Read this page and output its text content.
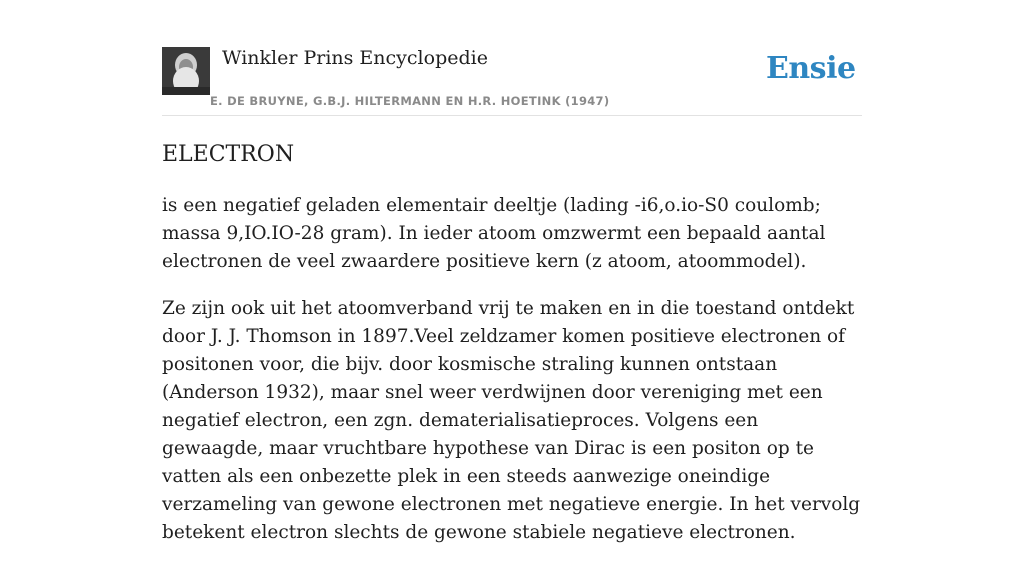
Winkler Prins Encyclopedie
E. DE BRUYNE, G.B.J. HILTERMANN EN H.R. HOETINK (1947)
Ensie
ELECTRON

is een negatief geladen elementair deeltje (lading -i6,o.io-S0 coulomb; massa 9,IO.IO-28 gram). In ieder atoom omzwermt een bepaald aantal electronen de veel zwaardere positieve kern (z atoom, atoommodel).

Ze zijn ook uit het atoomverband vrij te maken en in die toestand ontdekt door J. J. Thomson in 1897.Veel zeldzamer komen positieve electronen of positonen voor, die bijv. door kosmische straling kunnen ontstaan (Anderson 1932), maar snel weer verdwijnen door vereniging met een negatief electron, een zgn. dematerialisatieproces. Volgens een gewaagde, maar vruchtbare hypothese van Dirac is een positon op te vatten als een onbezette plek in een steeds aanwezige oneindige verzameling van gewone electronen met negatieve energie. In het vervolg betekent electron slechts de gewone stabiele negatieve electronen.
